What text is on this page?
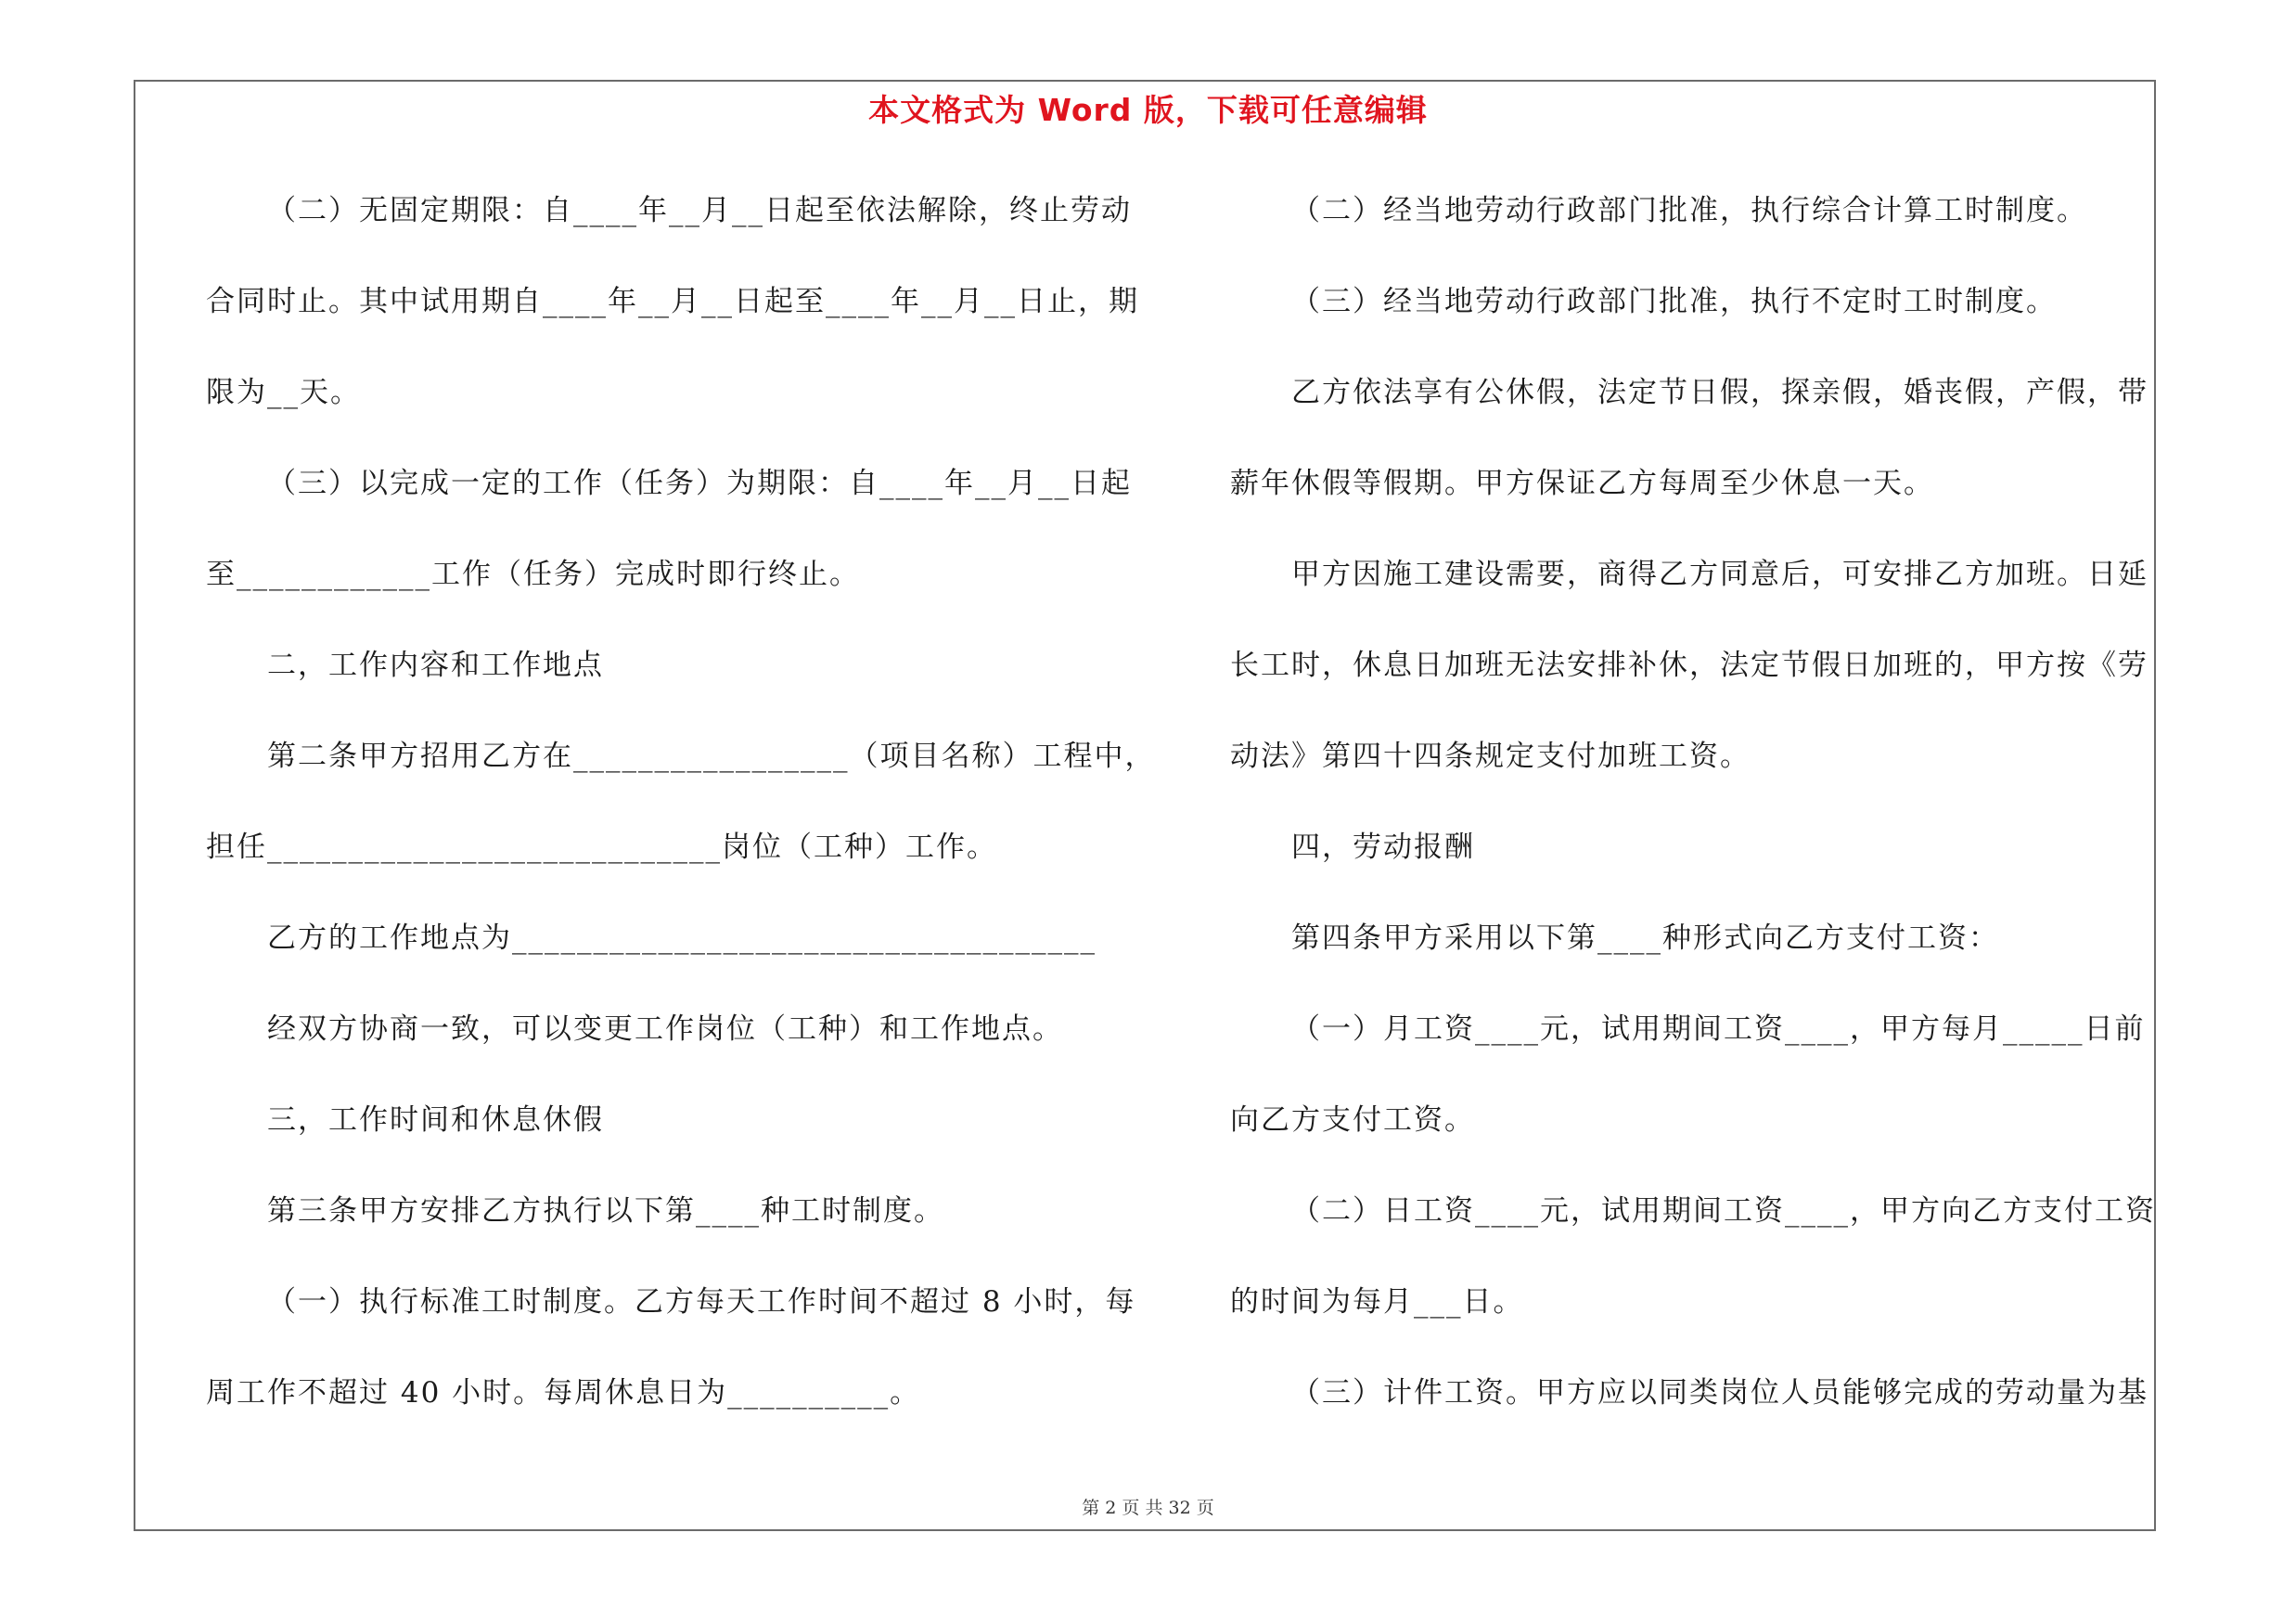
本文格式为 Word 版，下载可任意编辑
（二）无固定期限：自____年__月__日起至依法解除，终止劳动
合同时止。其中试用期自____年__月__日起至____年__月__日止，期
限为__天。
（三）以完成一定的工作（任务）为期限：自____年__月__日起
至____________工作（任务）完成时即行终止。
二，工作内容和工作地点
第二条甲方招用乙方在_________________（项目名称）工程中，
担任____________________________岗位（工种）工作。
乙方的工作地点为____________________________________
经双方协商一致，可以变更工作岗位（工种）和工作地点。
三，工作时间和休息休假
第三条甲方安排乙方执行以下第____种工时制度。
（一）执行标准工时制度。乙方每天工作时间不超过 8 小时，每
周工作不超过 40 小时。每周休息日为__________。
（二）经当地劳动行政部门批准，执行综合计算工时制度。
（三）经当地劳动行政部门批准，执行不定时工时制度。
乙方依法享有公休假，法定节日假，探亲假，婚丧假，产假，带
薪年休假等假期。甲方保证乙方每周至少休息一天。
甲方因施工建设需要，商得乙方同意后，可安排乙方加班。日延
长工时，休息日加班无法安排补休，法定节假日加班的，甲方按《劳
动法》第四十四条规定支付加班工资。
四，劳动报酬
第四条甲方采用以下第____种形式向乙方支付工资：
（一）月工资____元，试用期间工资____，甲方每月_____日前
向乙方支付工资。
（二）日工资____元，试用期间工资____，甲方向乙方支付工资
的时间为每月___日。
（三）计件工资。甲方应以同类岗位人员能够完成的劳动量为基
第 2 页 共 32 页
